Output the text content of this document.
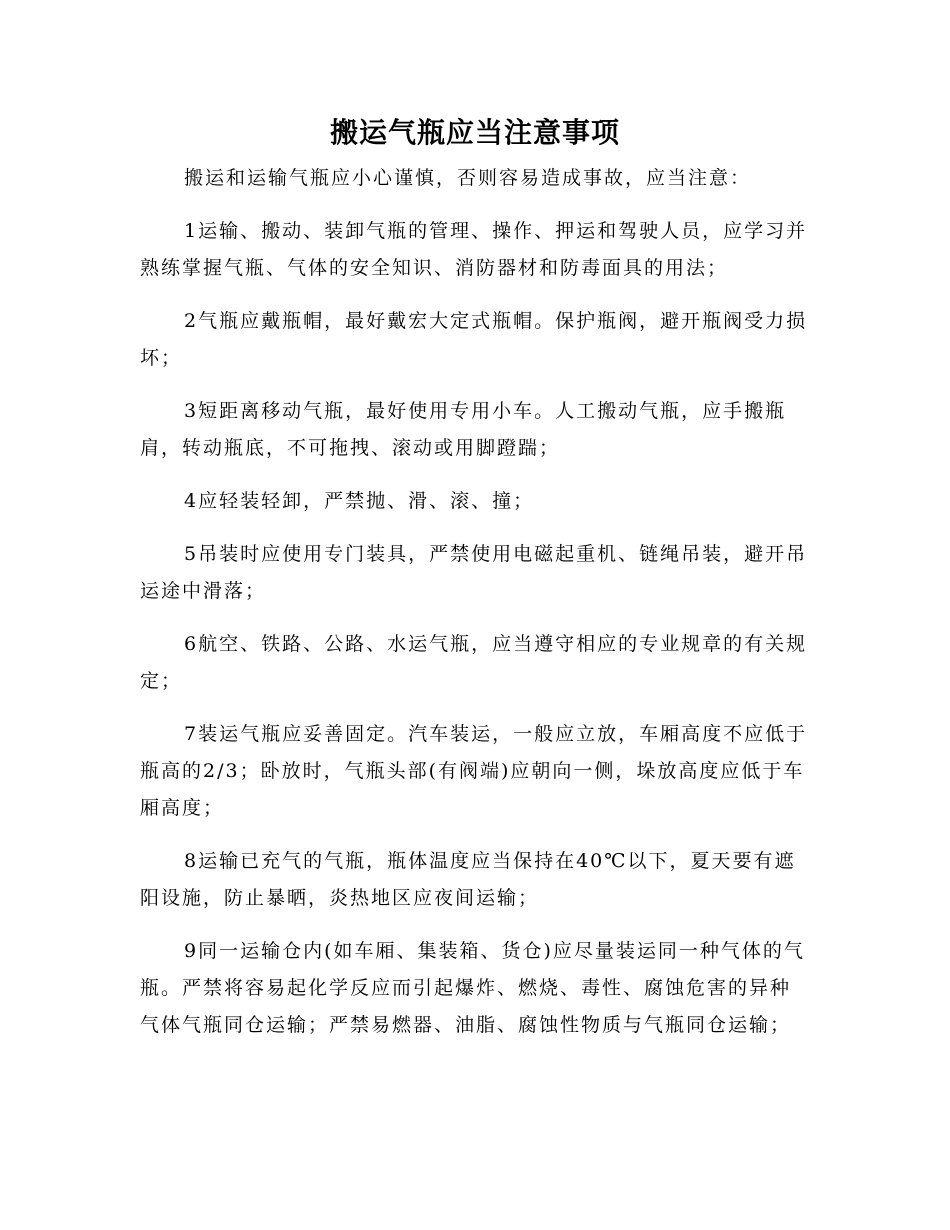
搬运气瓶应当注意事项

搬运和运输气瓶应小心谨慎，否则容易造成事故，应当注意：

1 运输、搬动、装卸气瓶的管理、操作、押运和驾驶人员，应学习并熟练掌握气瓶、气体的安全知识、消防器材和防毒面具的用法；

2 气瓶应戴瓶帽，最好戴宏大定式瓶帽。保护瓶阀，避开瓶阀受力损坏；

3 短距离移动气瓶，最好使用专用小车。人工搬动气瓶，应手搬瓶肩，转动瓶底，不可拖拽、滚动或用脚蹬踹；

4 应轻装轻卸，严禁抛、滑、滚、撞；

5 吊装时应使用专门装具，严禁使用电磁起重机、链绳吊装，避开吊运途中滑落；

6 航空、铁路、公路、水运气瓶，应当遵守相应的专业规章的有关规定；

7 装运气瓶应妥善固定。汽车装运，一般应立放，车厢高度不应低于瓶高的2/3；卧放时，气瓶头部(有阀端)应朝向一侧，垛放高度应低于车厢高度；

8 运输已充气的气瓶，瓶体温度应当保持在40℃以下，夏天要有遮阳设施，防止暴晒，炎热地区应夜间运输；

9 同一运输仓内(如车厢、集装箱、货仓)应尽量装运同一种气体的气瓶。严禁将容易起化学反应而引起爆炸、燃烧、毒性、腐蚀危害的异种气体气瓶同仓运输；严禁易燃器、油脂、腐蚀性物质与气瓶同仓运输；
